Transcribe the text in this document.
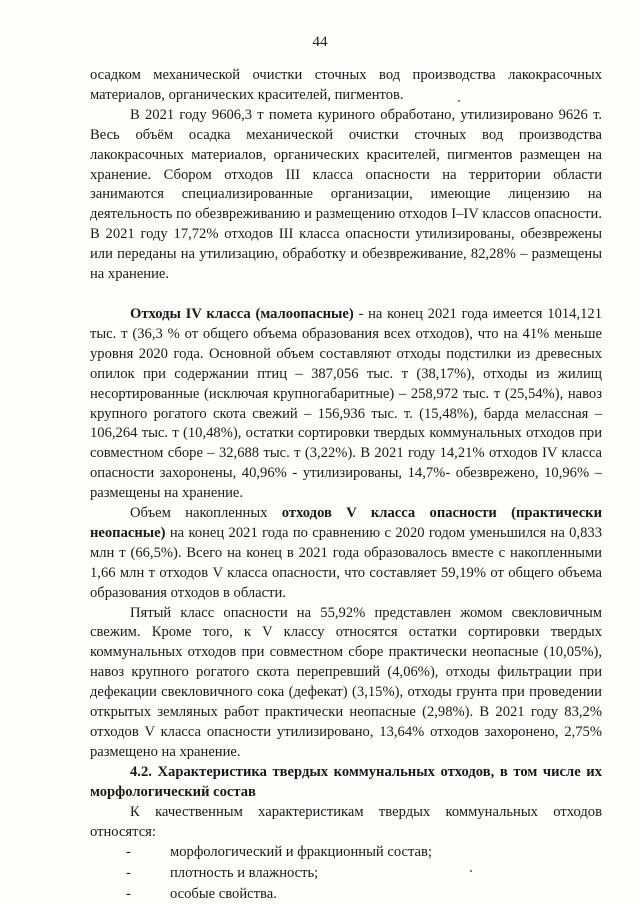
44

осадком механической очистки сточных вод производства лакокрасочных материалов, органических красителей, пигментов.

В 2021 году 9606,3 т помета куриного обработано, утилизировано 9626 т. Весь объём осадка механической очистки сточных вод производства лакокрасочных материалов, органических красителей, пигментов размещен на хранение. Сбором отходов III класса опасности на территории области занимаются специализированные организации, имеющие лицензию на деятельность по обезвреживанию и размещению отходов I–IV классов опасности. В 2021 году 17,72% отходов III класса опасности утилизированы, обезврежены или переданы на утилизацию, обработку и обезвреживание, 82,28% – размещены на хранение.

Отходы IV класса (малоопасные) - на конец 2021 года имеется 1014,121 тыс. т (36,3 % от общего объема образования всех отходов), что на 41% меньше уровня 2020 года. Основной объем составляют отходы подстилки из древесных опилок при содержании птиц – 387,056 тыс. т (38,17%), отходы из жилищ несортированные (исключая крупногабаритные) – 258,972 тыс. т (25,54%), навоз крупного рогатого скота свежий – 156,936 тыс. т. (15,48%), барда мелассная – 106,264 тыс. т (10,48%), остатки сортировки твердых коммунальных отходов при совместном сборе – 32,688 тыс. т (3,22%). В 2021 году 14,21% отходов IV класса опасности захоронены, 40,96% - утилизированы, 14,7%- обезврежено, 10,96% – размещены на хранение.

Объем накопленных отходов V класса опасности (практически неопасные) на конец 2021 года по сравнению с 2020 годом уменьшился на 0,833 млн т (66,5%). Всего на конец в 2021 года образовалось вместе с накопленными 1,66 млн т отходов V класса опасности, что составляет 59,19% от общего объема образования отходов в области.

Пятый класс опасности на 55,92% представлен жомом свекловичным свежим. Кроме того, к V классу относятся остатки сортировки твердых коммунальных отходов при совместном сборе практически неопасные (10,05%), навоз крупного рогатого скота перепревший (4,06%), отходы фильтрации при дефекации свекловичного сока (дефекат) (3,15%), отходы грунта при проведении открытых земляных работ практически неопасные (2,98%). В 2021 году 83,2% отходов V класса опасности утилизировано, 13,64% отходов захоронено, 2,75% размещено на хранение.

4.2. Характеристика твердых коммунальных отходов, в том числе их морфологический состав

К качественным характеристикам твердых коммунальных отходов относятся:

-	морфологический и фракционный состав;
-	плотность и влажность;
-	особые свойства.
